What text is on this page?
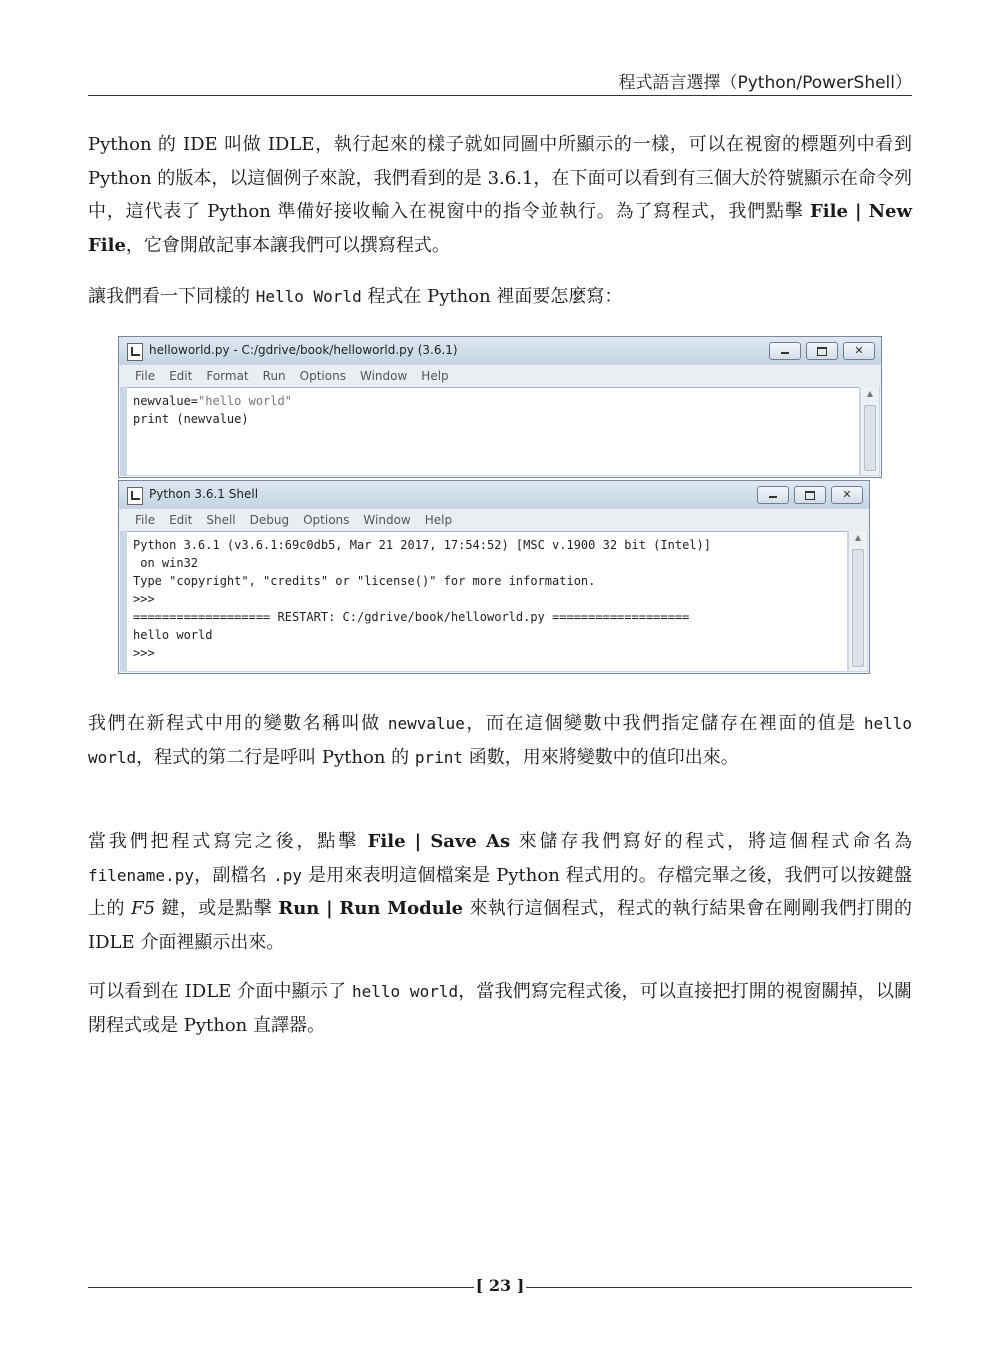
程式語言選擇（Python/PowerShell）

Python 的 IDE 叫做 IDLE，執行起來的樣子就如同圖中所顯示的一樣，可以在視窗的標題列中看到 Python 的版本，以這個例子來說，我們看到的是 3.6.1，在下面可以看到有三個大於符號顯示在命令列中，這代表了 Python 準備好接收輸入在視窗中的指令並執行。為了寫程式，我們點擊 File | New File，它會開啟記事本讓我們可以撰寫程式。

讓我們看一下同樣的 Hello World 程式在 Python 裡面要怎麼寫：

helloworld.py - C:/gdrive/book/helloworld.py (3.6.1)
✕
File Edit Format Run Options Window Help
newvalue="hello world"
print (newvalue)
▲
Python 3.6.1 Shell
✕
File Edit Shell Debug Options Window Help
Python 3.6.1 (v3.6.1:69c0db5, Mar 21 2017, 17:54:52) [MSC v.1900 32 bit (Intel)]
on win32
Type "copyright", "credits" or "license()" for more information.
>>>
=================== RESTART: C:/gdrive/book/helloworld.py ===================
hello world
>>>
▲

我們在新程式中用的變數名稱叫做 newvalue，而在這個變數中我們指定儲存在裡面的值是 hello world，程式的第二行是呼叫 Python 的 print 函數，用來將變數中的值印出來。

當我們把程式寫完之後，點擊 File | Save As 來儲存我們寫好的程式，將這個程式命名為 filename.py，副檔名 .py 是用來表明這個檔案是 Python 程式用的。存檔完畢之後，我們可以按鍵盤上的 F5 鍵，或是點擊 Run | Run Module 來執行這個程式，程式的執行結果會在剛剛我們打開的 IDLE 介面裡顯示出來。

可以看到在 IDLE 介面中顯示了 hello world，當我們寫完程式後，可以直接把打開的視窗關掉，以關閉程式或是 Python 直譯器。

[ 23 ]
